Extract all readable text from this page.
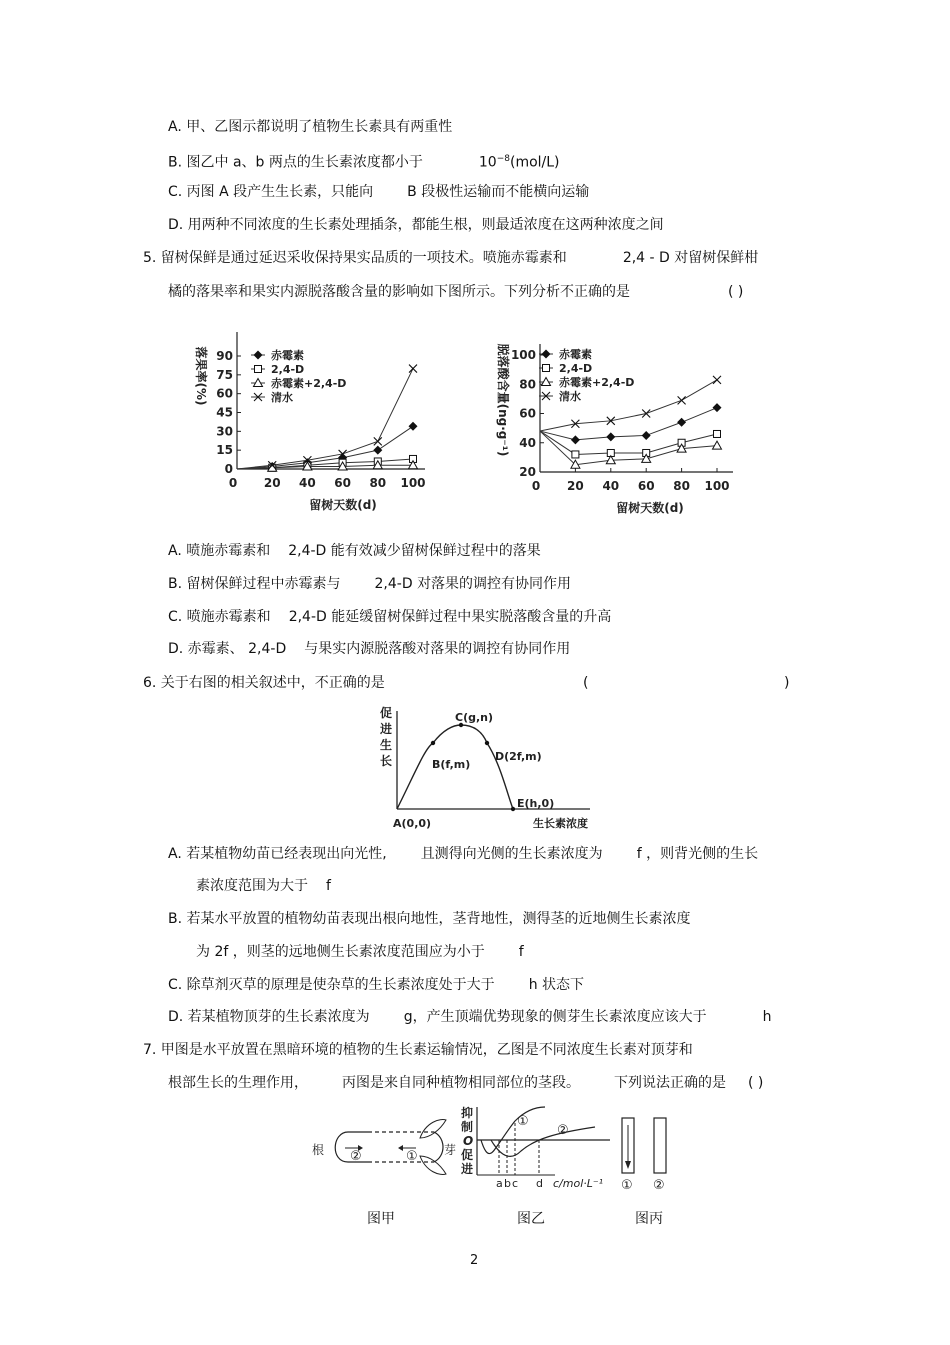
A. 甲、乙图示都说明了植物生长素具有两重性
B. 图乙中 a、b 两点的生长素浓度都小于	$10^{-8}(mol/L)$
C. 丙图 A 段产生生长素，只能向 B 段极性运输而不能横向运输
D. 用两种不同浓度的生长素处理插条，都能生根，则最适浓度在这两种浓度之间
5. 留树保鲜是通过延迟采收保持果实品质的一项技术。喷施赤霉素和	2,4 - D 对留树保鲜柑
橘的落果率和果实内源脱落酸含量的影响如下图所示。下列分析不正确的是	( )
0
15
30
45
60
75
90
0 20 40 60 80 100
留树天数(d)
落果率(%)	赤霉素
2,4-D
赤霉素+2,4-D
清水
20
40
60
80
100
0 20 40 60 80 100
留树天数(d)
脱落酸含量(ng·g⁻¹)	赤霉素
2,4-D
赤霉素+2,4-D
清水
A. 喷施赤霉素和 2,4-D 能有效减少留树保鲜过程中的落果
B. 留树保鲜过程中赤霉素与 2,4-D 对落果的调控有协同作用
C. 喷施赤霉素和 2,4-D 能延缓留树保鲜过程中果实脱落酸含量的升高
D. 赤霉素、 2,4-D 与果实内源脱落酸对落果的调控有协同作用
6. 关于右图的相关叙述中，不正确的是	(	)
促
进
生
长
C(g,n)
B(f,m)
D(2f,m)
E(h,0)
A(0,0)	生长素浓度
A. 若某植物幼苗已经表现出向光性, 且测得向光侧的生长素浓度为 f ，则背光侧的生长
素浓度范围为大于 f
B. 若某水平放置的植物幼苗表现出根向地性，茎背地性，测得茎的近地侧生长素浓度
为 2f ，则茎的远地侧生长素浓度范围应为小于 f
C. 除草剂灭草的原理是使杂草的生长素浓度处于大于 h 状态下
D. 若某植物顶芽的生长素浓度为 g，产生顶端优势现象的侧芽生长素浓度应该大于	h
7. 甲图是水平放置在黑暗环境的植物的生长素运输情况，乙图是不同浓度生长素对顶芽和
根部生长的生理作用， 丙图是来自同种植物相同部位的茎段。 下列说法正确的是 ( )
根	芽
②	①
抑
制
O
促
进
①
②
a b c d c/mol·L⁻¹ ① ②
图甲	图乙	图丙
2
